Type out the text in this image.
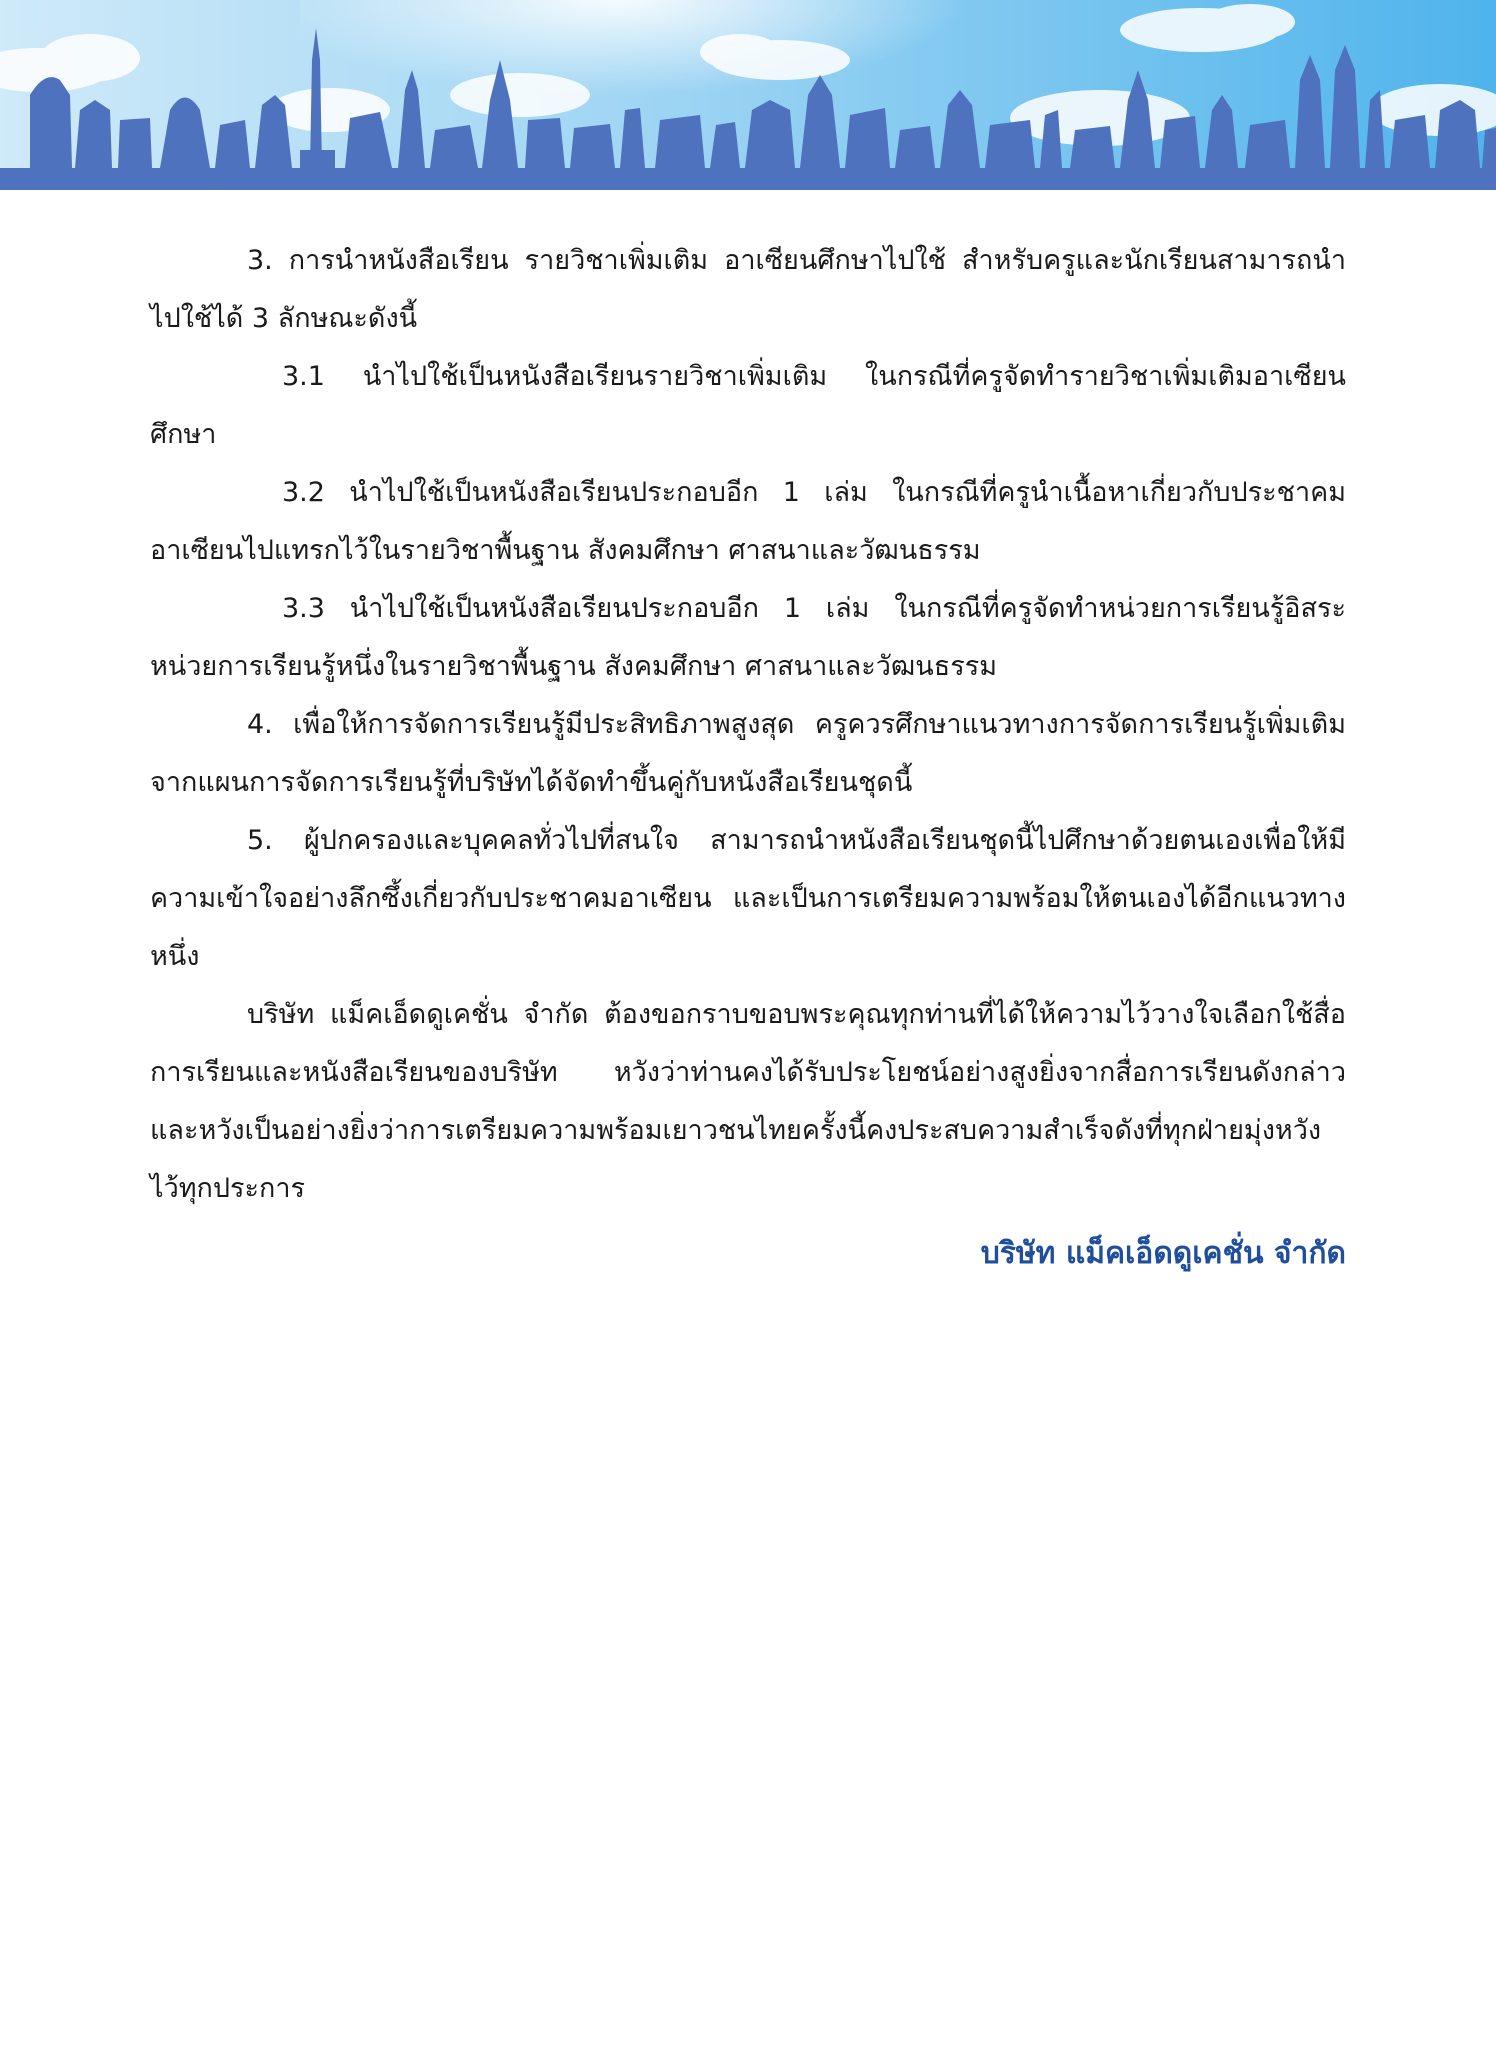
3. การนำหนังสือเรียน รายวิชาเพิ่มเติม อาเซียนศึกษาไปใช้ สำหรับครูและนักเรียนสามารถนำไปใช้ได้ 3 ลักษณะดังนี้

3.1 นำไปใช้เป็นหนังสือเรียนรายวิชาเพิ่มเติม ในกรณีที่ครูจัดทำรายวิชาเพิ่มเติมอาเซียนศึกษา

3.2 นำไปใช้เป็นหนังสือเรียนประกอบอีก 1 เล่ม ในกรณีที่ครูนำเนื้อหาเกี่ยวกับประชาคมอาเซียนไปแทรกไว้ในรายวิชาพื้นฐาน สังคมศึกษา ศาสนาและวัฒนธรรม

3.3 นำไปใช้เป็นหนังสือเรียนประกอบอีก 1 เล่ม ในกรณีที่ครูจัดทำหน่วยการเรียนรู้อิสระหน่วยการเรียนรู้หนึ่งในรายวิชาพื้นฐาน สังคมศึกษา ศาสนาและวัฒนธรรม

4. เพื่อให้การจัดการเรียนรู้มีประสิทธิภาพสูงสุด ครูควรศึกษาแนวทางการจัดการเรียนรู้เพิ่มเติมจากแผนการจัดการเรียนรู้ที่บริษัทได้จัดทำขึ้นคู่กับหนังสือเรียนชุดนี้

5. ผู้ปกครองและบุคคลทั่วไปที่สนใจ สามารถนำหนังสือเรียนชุดนี้ไปศึกษาด้วยตนเองเพื่อให้มีความเข้าใจอย่างลึกซึ้งเกี่ยวกับประชาคมอาเซียน และเป็นการเตรียมความพร้อมให้ตนเองได้อีกแนวทางหนึ่ง

บริษัท แม็คเอ็ดดูเคชั่น จำกัด ต้องขอกราบขอบพระคุณทุกท่านที่ได้ให้ความไว้วางใจเลือกใช้สื่อการเรียนและหนังสือเรียนของบริษัท หวังว่าท่านคงได้รับประโยชน์อย่างสูงยิ่งจากสื่อการเรียนดังกล่าว และหวังเป็นอย่างยิ่งว่าการเตรียมความพร้อมเยาวชนไทยครั้งนี้คงประสบความสำเร็จดังที่ทุกฝ่ายมุ่งหวังไว้ทุกประการ

บริษัท แม็คเอ็ดดูเคชั่น จำกัด
